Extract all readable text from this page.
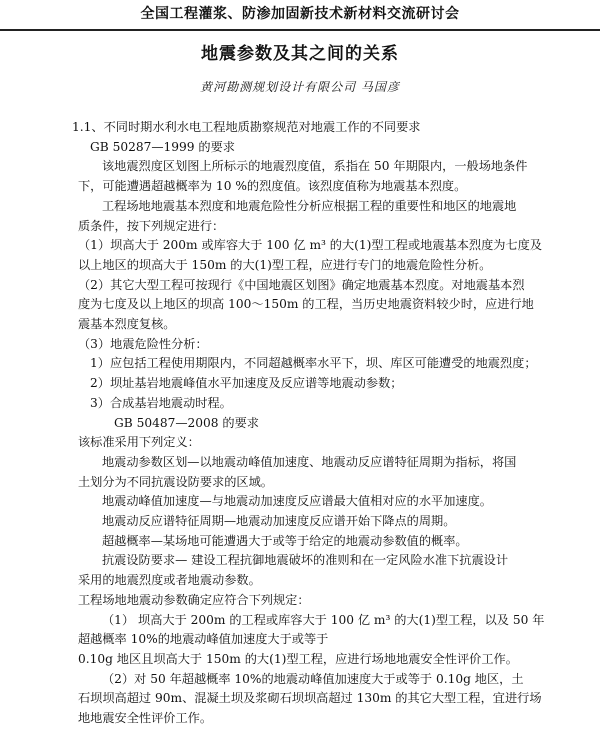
全国工程灌浆、防渗加固新技术新材料交流研讨会
地震参数及其之间的关系
黄河勘测规划设计有限公司 马国彦
1.1、不同时期水利水电工程地质勘察规范对地震工作的不同要求
GB 50287—1999 的要求
该地震烈度区划图上所标示的地震烈度值，系指在 50 年期限内，一般场地条件
下，可能遭遇超越概率为 10 %的烈度值。该烈度值称为地震基本烈度。
工程场地地震基本烈度和地震危险性分析应根据工程的重要性和地区的地震地
质条件，按下列规定进行：
（1）坝高大于 200m 或库容大于 100 亿 m³ 的大(1)型工程或地震基本烈度为七度及
以上地区的坝高大于 150m 的大(1)型工程，应进行专门的地震危险性分析。
（2）其它大型工程可按现行《中国地震区划图》确定地震基本烈度。对地震基本烈
度为七度及以上地区的坝高 100～150m 的工程，当历史地震资料较少时，应进行地
震基本烈度复核。
（3）地震危险性分析：
1）应包括工程使用期限内，不同超越概率水平下，坝、库区可能遭受的地震烈度；
2）坝址基岩地震峰值水平加速度及反应谱等地震动参数；
3）合成基岩地震动时程。
GB 50487—2008 的要求
该标准采用下列定义：
地震动参数区划—以地震动峰值加速度、地震动反应谱特征周期为指标，将国
土划分为不同抗震设防要求的区域。
地震动峰值加速度—与地震动加速度反应谱最大值相对应的水平加速度。
地震动反应谱特征周期—地震动加速度反应谱开始下降点的周期。
超越概率—某场地可能遭遇大于或等于给定的地震动参数值的概率。
抗震设防要求— 建设工程抗御地震破坏的准则和在一定风险水准下抗震设计
采用的地震烈度或者地震动参数。
工程场地地震动参数确定应符合下列规定：
（1） 坝高大于 200m 的工程或库容大于 100 亿 m³ 的大(1)型工程，以及 50 年
超越概率 10%的地震动峰值加速度大于或等于
0.10g 地区且坝高大于 150m 的大(1)型工程，应进行场地地震安全性评价工作。
（2）对 50 年超越概率 10%的地震动峰值加速度大于或等于 0.10g 地区，土
石坝坝高超过 90m、混凝土坝及浆砌石坝坝高超过 130m 的其它大型工程，宜进行场
地地震安全性评价工作。
